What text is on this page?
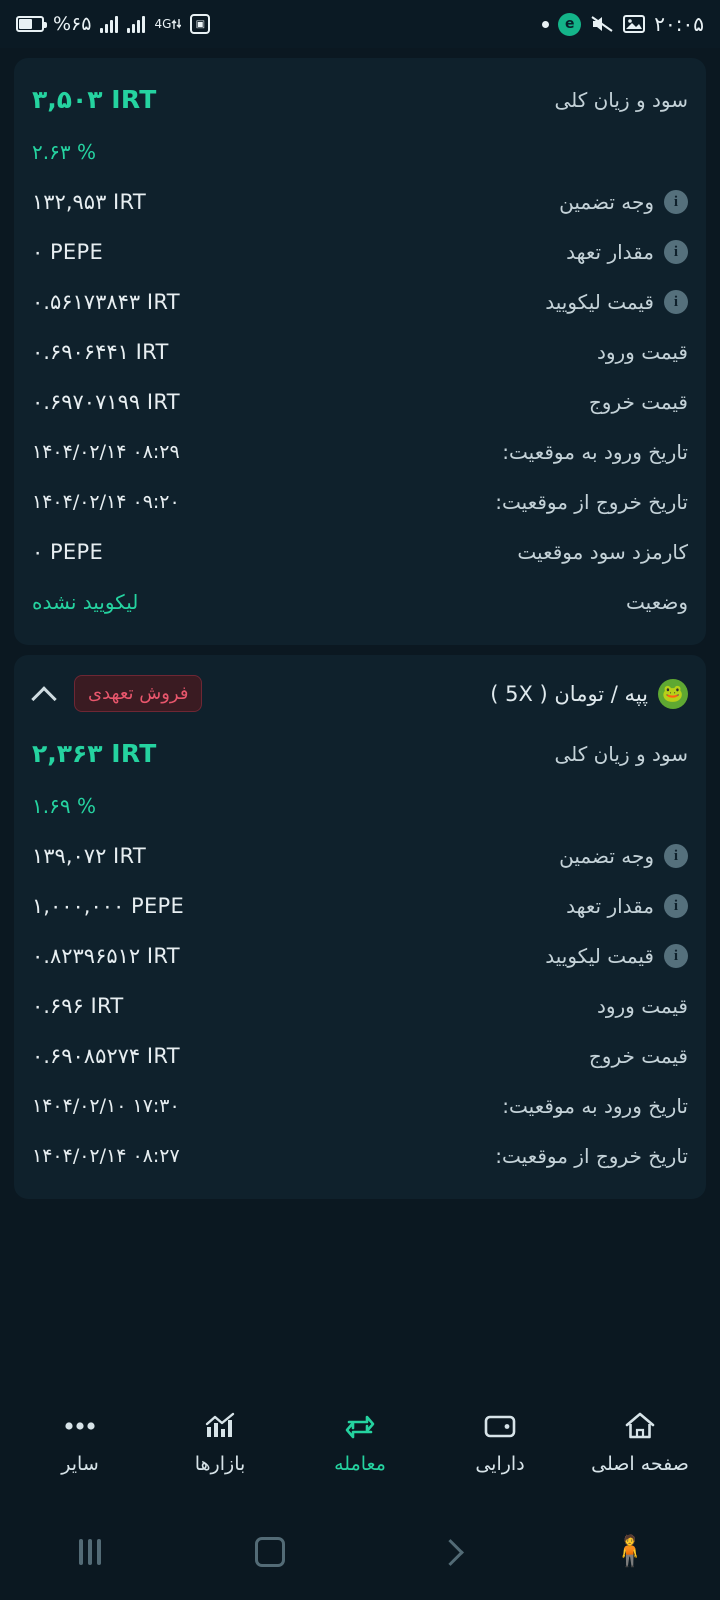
%۶۵	4G	▣	e	۲۰:۰۵
سود و زیان کلی
۳,۵۰۳ IRT
۲.۶۳ %
وجه تضمین	i
۱۳۲,۹۵۳ IRT
مقدار تعهد	i
۰ PEPE
قیمت لیکویید	i
۰.۵۶۱۷۳۸۴۳ IRT
قیمت ورود
۰.۶۹۰۶۴۴۱ IRT
قیمت خروج
۰.۶۹۷۰۷۱۹۹ IRT
تاریخ ورود به موقعیت:
۱۴۰۴/۰۲/۱۴ ۰۸:۲۹
تاریخ خروج از موقعیت:
۱۴۰۴/۰۲/۱۴ ۰۹:۲۰
کارمزد سود موقعیت
۰ PEPE
وضعیت
لیکویید نشده
پپه / تومان ( 5X ) 🐸
فروش تعهدی
سود و زیان کلی
۲,۳۶۳ IRT
۱.۶۹ %
وجه تضمین	i
۱۳۹,۰۷۲ IRT
مقدار تعهد	i
۱,۰۰۰,۰۰۰ PEPE
قیمت لیکویید	i
۰.۸۲۳۹۶۵۱۲ IRT
قیمت ورود
۰.۶۹۶ IRT
قیمت خروج
۰.۶۹۰۸۵۲۷۴ IRT
تاریخ ورود به موقعیت:
۱۴۰۴/۰۲/۱۰ ۱۷:۳۰
تاریخ خروج از موقعیت:
۱۴۰۴/۰۲/۱۴ ۰۸:۲۷
صفحه اصلی
دارایی
معامله
بازارها
سایر
🧍
